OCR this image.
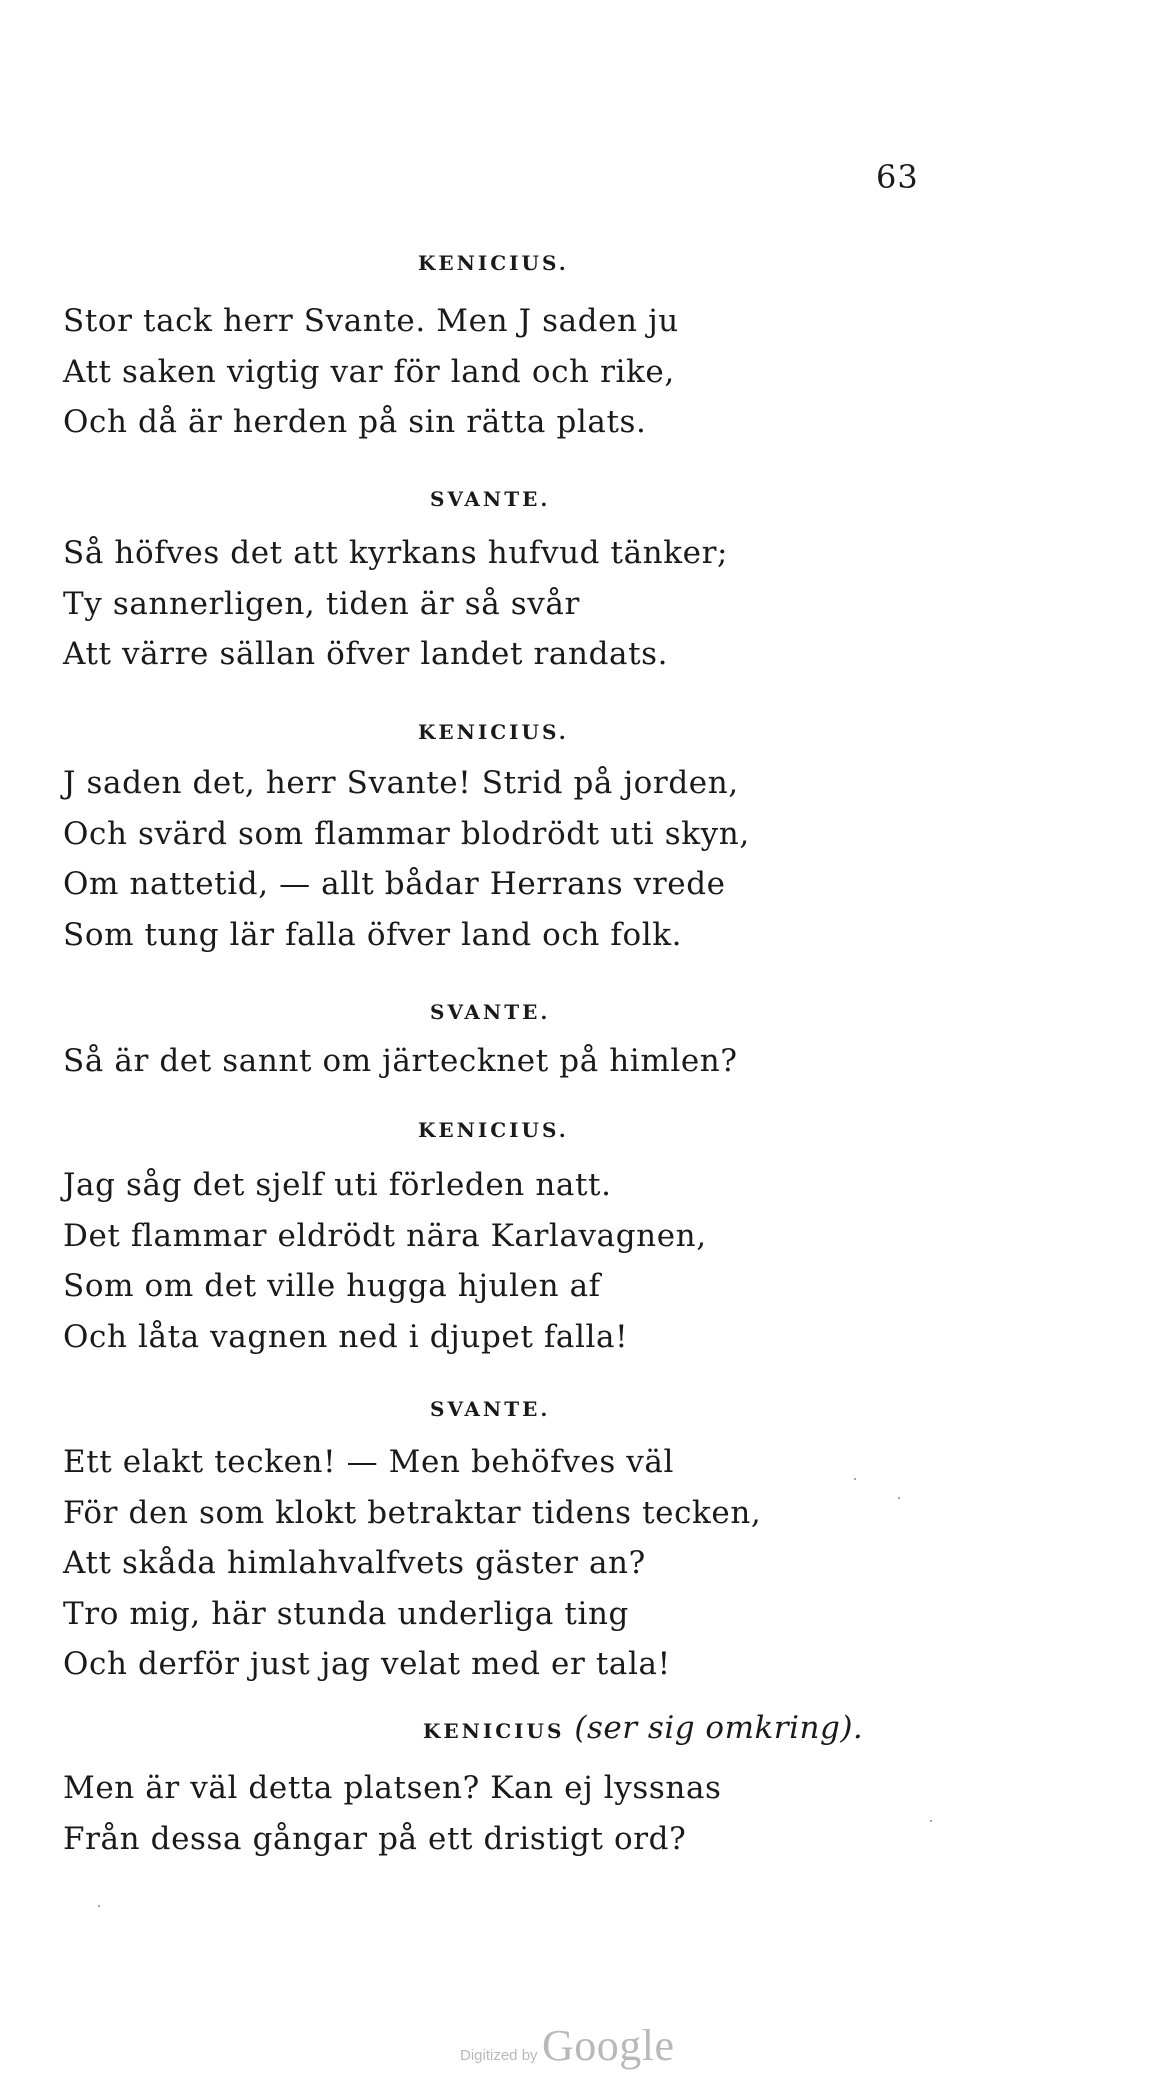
63
KENICIUS.
Stor tack herr Svante. Men J saden ju
Att saken vigtig var för land och rike,
Och då är herden på sin rätta plats.
SVANTE.
Så höfves det att kyrkans hufvud tänker;
Ty sannerligen, tiden är så svår
Att värre sällan öfver landet randats.
KENICIUS.
J saden det, herr Svante! Strid på jorden,
Och svärd som flammar blodrödt uti skyn,
Om nattetid, — allt bådar Herrans vrede
Som tung lär falla öfver land och folk.
SVANTE.
Så är det sannt om järtecknet på himlen?
KENICIUS.
Jag såg det sjelf uti förleden natt.
Det flammar eldrödt nära Karlavagnen,
Som om det ville hugga hjulen af
Och låta vagnen ned i djupet falla!
SVANTE.
Ett elakt tecken! — Men behöfves väl
För den som klokt betraktar tidens tecken,
Att skåda himlahvalfvets gäster an?
Tro mig, här stunda underliga ting
Och derför just jag velat med er tala!
KENICIUS (ser sig omkring).
Men är väl detta platsen? Kan ej lyssnas
Från dessa gångar på ett dristigt ord?
Digitized by Google
